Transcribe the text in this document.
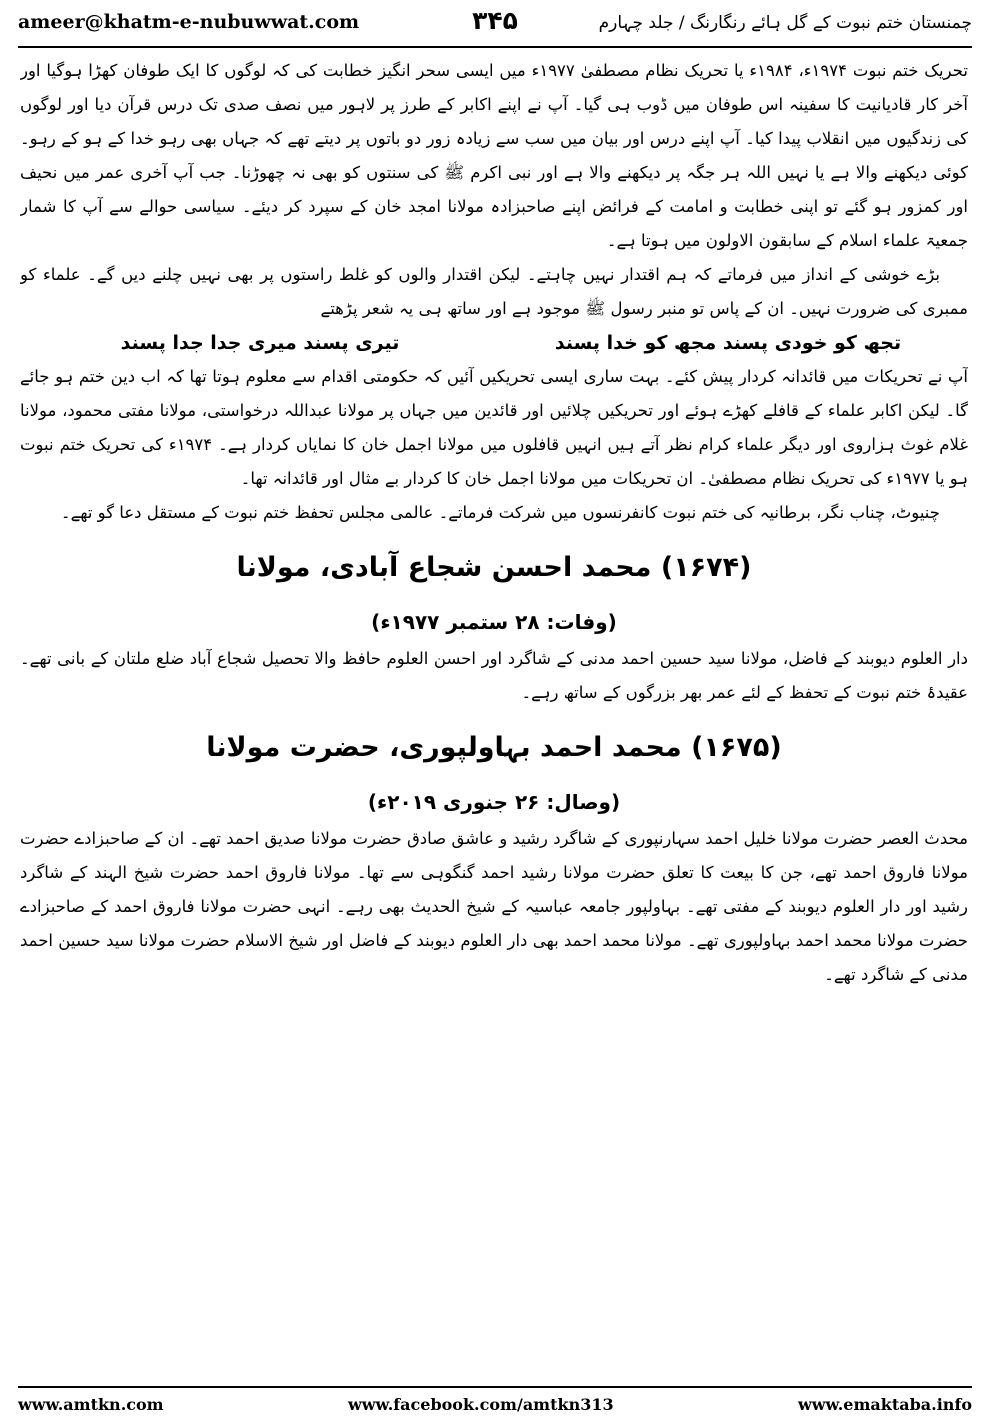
ameer@khatm-e-nubuwwat.com	۳۴۵	چمنستان ختم نبوت کے گل ہائے رنگارنگ / جلد چہارم

تحریک ختم نبوت ۱۹۷۴ء، ۱۹۸۴ء یا تحریک نظام مصطفیٰ ۱۹۷۷ء میں ایسی سحر انگیز خطابت کی کہ لوگوں کا ایک طوفان کھڑا ہوگیا اور آخر کار قادیانیت کا سفینہ اس طوفان میں ڈوب ہی گیا۔ آپ نے اپنے اکابر کے طرز پر لاہور میں نصف صدی تک درس قرآن دیا اور لوگوں کی زندگیوں میں انقلاب پیدا کیا۔ آپ اپنے درس اور بیان میں سب سے زیادہ زور دو باتوں پر دیتے تھے کہ جہاں بھی رہو خدا کے ہو کے رہو۔ کوئی دیکھنے والا ہے یا نہیں اللہ ہر جگہ پر دیکھنے والا ہے اور نبی اکرم ﷺ کی سنتوں کو بھی نہ چھوڑنا۔ جب آپ آخری عمر میں نحیف اور کمزور ہو گئے تو اپنی خطابت و امامت کے فرائض اپنے صاحبزادہ مولانا امجد خان کے سپرد کر دیئے۔ سیاسی حوالے سے آپ کا شمار جمعیۃ علماء اسلام کے سابقون الاولون میں ہوتا ہے۔

بڑے خوشی کے انداز میں فرماتے کہ ہم اقتدار نہیں چاہتے۔ لیکن اقتدار والوں کو غلط راستوں پر بھی نہیں چلنے دیں گے۔ علماء کو ممبری کی ضرورت نہیں۔ ان کے پاس تو منبر رسول ﷺ موجود ہے اور ساتھ ہی یہ شعر پڑھتے

تجھ کو خودی پسند مجھ کو خدا پسند
تیری پسند میری جدا جدا پسند

آپ نے تحریکات میں قائدانہ کردار پیش کئے۔ بہت ساری ایسی تحریکیں آئیں کہ حکومتی اقدام سے معلوم ہوتا تھا کہ اب دین ختم ہو جائے گا۔ لیکن اکابر علماء کے قافلے کھڑے ہوئے اور تحریکیں چلائیں اور قائدین میں جہاں پر مولانا عبداللہ درخواستی، مولانا مفتی محمود، مولانا غلام غوث ہزاروی اور دیگر علماء کرام نظر آتے ہیں انہیں قافلوں میں مولانا اجمل خان کا نمایاں کردار ہے۔ ۱۹۷۴ء کی تحریک ختم نبوت ہو یا ۱۹۷۷ء کی تحریک نظام مصطفیٰ۔ ان تحریکات میں مولانا اجمل خان کا کردار بے مثال اور قائدانہ تھا۔

چنیوٹ، چناب نگر، برطانیہ کی ختم نبوت کانفرنسوں میں شرکت فرماتے۔ عالمی مجلس تحفظ ختم نبوت کے مستقل دعا گو تھے۔

(۱۶۷۴) محمد احسن شجاع آبادی، مولانا
(وفات: ۲۸ ستمبر ۱۹۷۷ء)

دار العلوم دیوبند کے فاضل، مولانا سید حسین احمد مدنی کے شاگرد اور احسن العلوم حافظ والا تحصیل شجاع آباد ضلع ملتان کے بانی تھے۔ عقیدۂ ختم نبوت کے تحفظ کے لئے عمر بھر بزرگوں کے ساتھ رہے۔

(۱۶۷۵) محمد احمد بہاولپوری، حضرت مولانا
(وصال: ۲۶ جنوری ۲۰۱۹ء)

محدث العصر حضرت مولانا خلیل احمد سہارنپوری کے شاگرد رشید و عاشق صادق حضرت مولانا صدیق احمد تھے۔ ان کے صاحبزادے حضرت مولانا فاروق احمد تھے، جن کا بیعت کا تعلق حضرت مولانا رشید احمد گنگوہی سے تھا۔ مولانا فاروق احمد حضرت شیخ الہند کے شاگرد رشید اور دار العلوم دیوبند کے مفتی تھے۔ بہاولپور جامعہ عباسیہ کے شیخ الحدیث بھی رہے۔ انہی حضرت مولانا فاروق احمد کے صاحبزادے حضرت مولانا محمد احمد بہاولپوری تھے۔ مولانا محمد احمد بھی دار العلوم دیوبند کے فاضل اور شیخ الاسلام حضرت مولانا سید حسین احمد مدنی کے شاگرد تھے۔

www.amtkn.com	www.facebook.com/amtkn313	www.emaktaba.info
